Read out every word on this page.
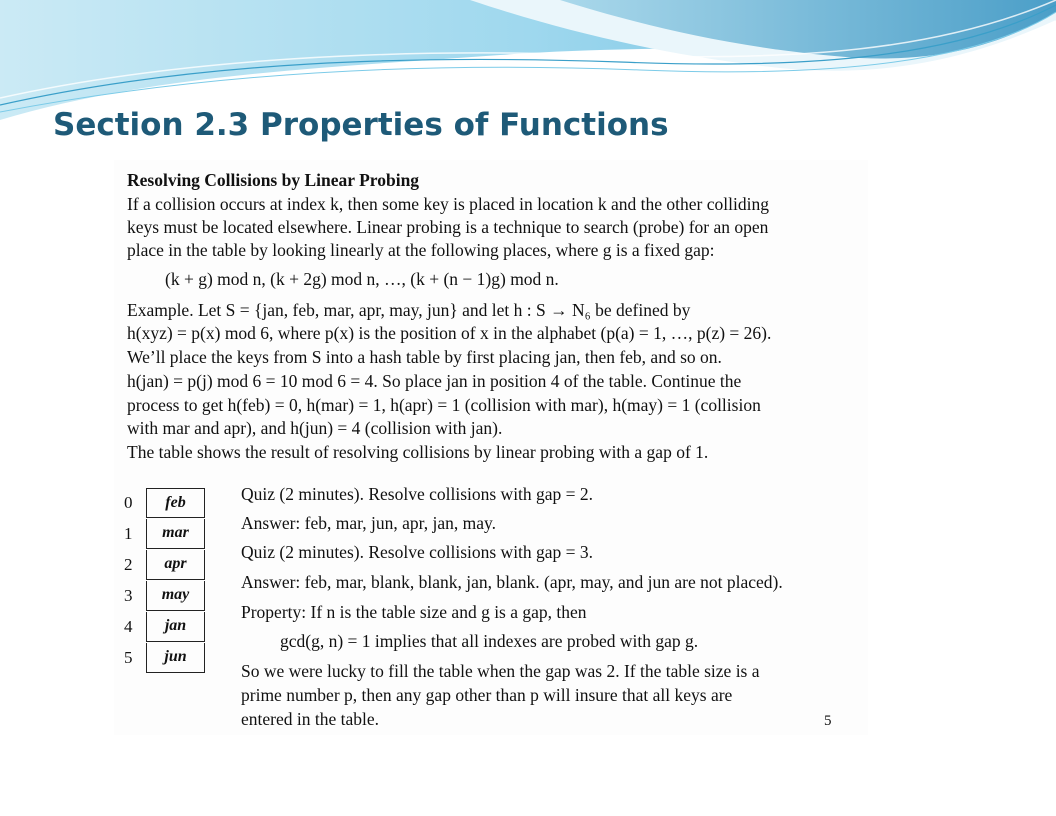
Section 2.3 Properties of Functions
Resolving Collisions by Linear Probing
If a collision occurs at index k, then some key is placed in location k and the other colliding
keys must be located elsewhere. Linear probing is a technique to search (probe) for an open
place in the table by looking linearly at the following places, where g is a fixed gap:
(k + g) mod n, (k + 2g) mod n, …, (k + (n − 1)g) mod n.
Example. Let S = {jan, feb, mar, apr, may, jun} and let h : S → N₆ be defined by
h(xyz) = p(x) mod 6, where p(x) is the position of x in the alphabet (p(a) = 1, …, p(z) = 26).
We’ll place the keys from S into a hash table by first placing jan, then feb, and so on.
h(jan) = p(j) mod 6 = 10 mod 6 = 4. So place jan in position 4 of the table. Continue the
process to get h(feb) = 0, h(mar) = 1, h(apr) = 1 (collision with mar), h(may) = 1 (collision
with mar and apr), and h(jun) = 4 (collision with jan).
The table shows the result of resolving collisions by linear probing with a gap of 1.
0	feb
1	mar
2	apr
3	may
4	jan
5	jun
Quiz (2 minutes). Resolve collisions with gap = 2.
Answer: feb, mar, jun, apr, jan, may.
Quiz (2 minutes). Resolve collisions with gap = 3.
Answer: feb, mar, blank, blank, jan, blank. (apr, may, and jun are not placed).
Property: If n is the table size and g is a gap, then
gcd(g, n) = 1 implies that all indexes are probed with gap g.
So we were lucky to fill the table when the gap was 2. If the table size is a
prime number p, then any gap other than p will insure that all keys are
entered in the table.	5
